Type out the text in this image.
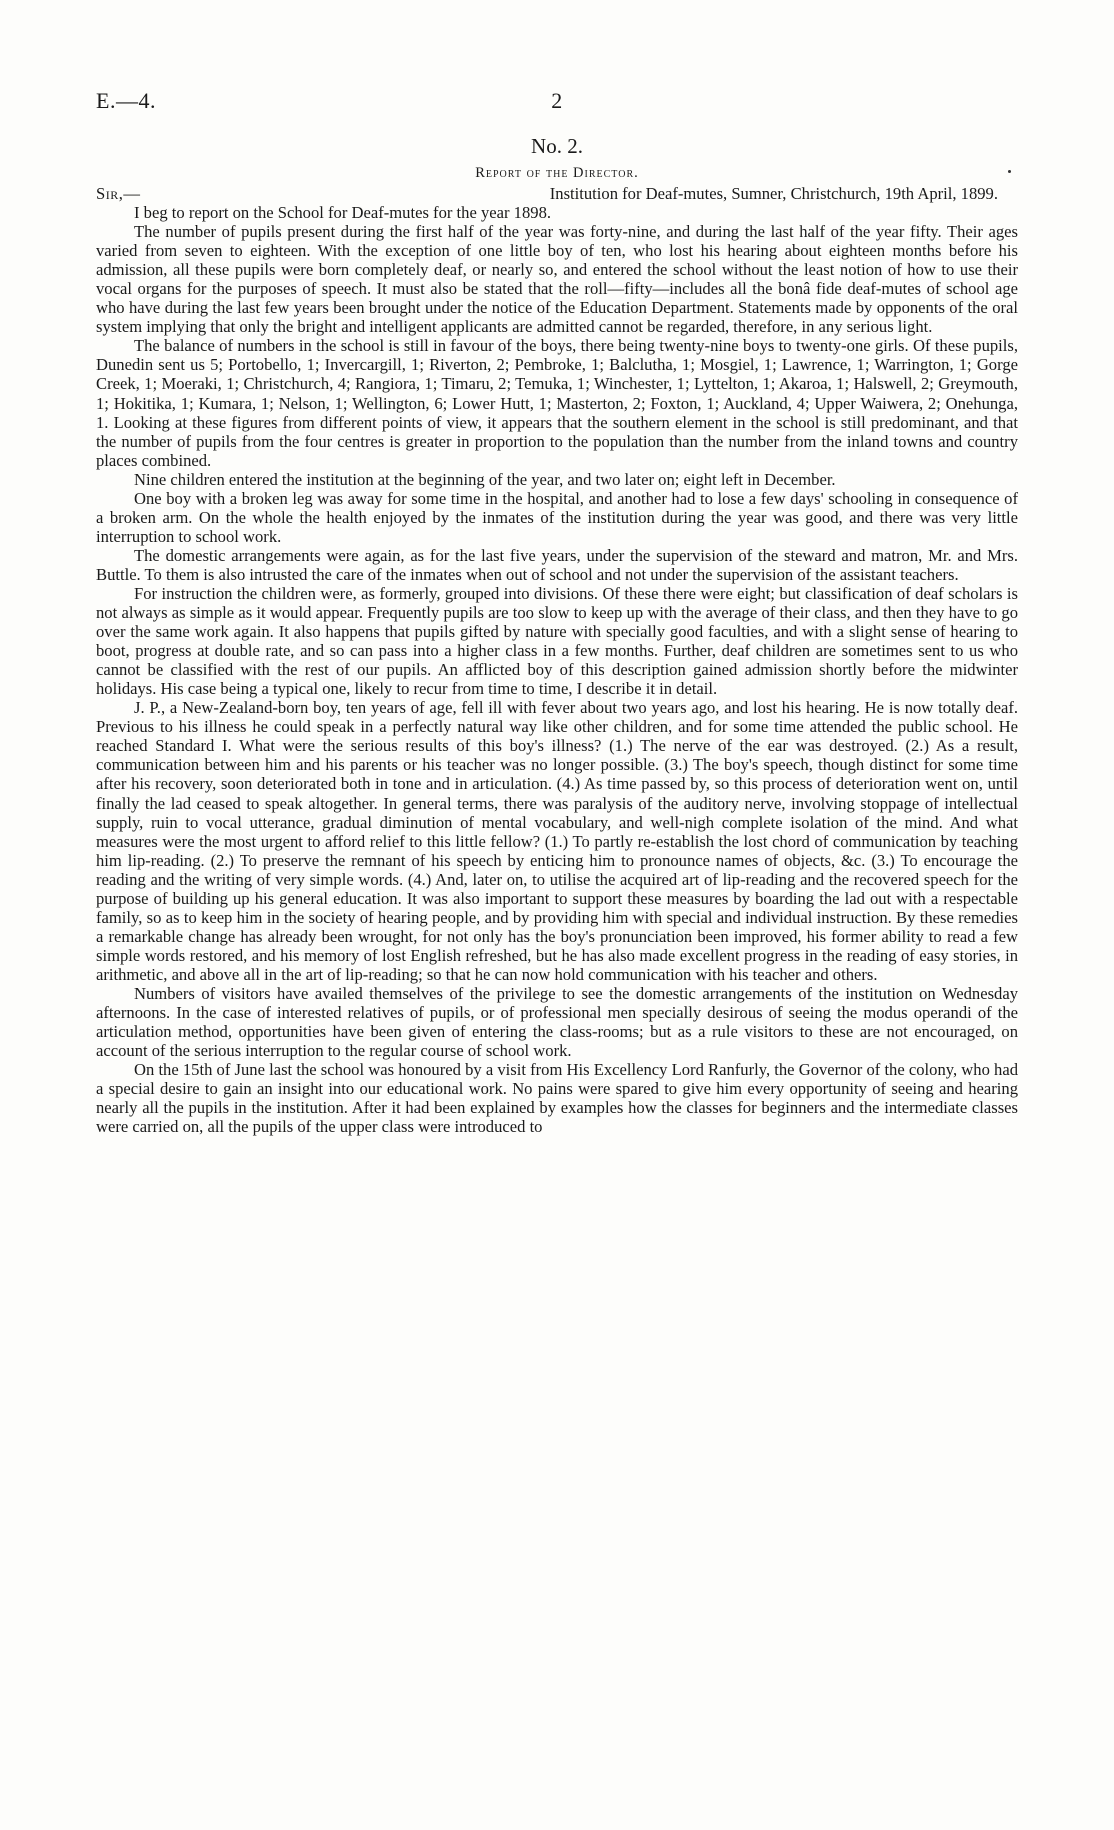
E.—4.	2
No. 2.
Report of the Director.
Sir,—	Institution for Deaf-mutes, Sumner, Christchurch, 19th April, 1899.

I beg to report on the School for Deaf-mutes for the year 1898.

The number of pupils present during the first half of the year was forty-nine, and during the last half of the year fifty. Their ages varied from seven to eighteen. With the exception of one little boy of ten, who lost his hearing about eighteen months before his admission, all these pupils were born completely deaf, or nearly so, and entered the school without the least notion of how to use their vocal organs for the purposes of speech. It must also be stated that the roll—fifty—includes all the bonâ fide deaf-mutes of school age who have during the last few years been brought under the notice of the Education Department. Statements made by opponents of the oral system implying that only the bright and intelligent applicants are admitted cannot be regarded, therefore, in any serious light.

The balance of numbers in the school is still in favour of the boys, there being twenty-nine boys to twenty-one girls. Of these pupils, Dunedin sent us 5; Portobello, 1; Invercargill, 1; Riverton, 2; Pembroke, 1; Balclutha, 1; Mosgiel, 1; Lawrence, 1; Warrington, 1; Gorge Creek, 1; Moeraki, 1; Christchurch, 4; Rangiora, 1; Timaru, 2; Temuka, 1; Winchester, 1; Lyttelton, 1; Akaroa, 1; Halswell, 2; Greymouth, 1; Hokitika, 1; Kumara, 1; Nelson, 1; Wellington, 6; Lower Hutt, 1; Masterton, 2; Foxton, 1; Auckland, 4; Upper Waiwera, 2; Onehunga, 1. Looking at these figures from different points of view, it appears that the southern element in the school is still predominant, and that the number of pupils from the four centres is greater in proportion to the population than the number from the inland towns and country places combined.

Nine children entered the institution at the beginning of the year, and two later on; eight left in December.

One boy with a broken leg was away for some time in the hospital, and another had to lose a few days' schooling in consequence of a broken arm. On the whole the health enjoyed by the inmates of the institution during the year was good, and there was very little interruption to school work.

The domestic arrangements were again, as for the last five years, under the supervision of the steward and matron, Mr. and Mrs. Buttle. To them is also intrusted the care of the inmates when out of school and not under the supervision of the assistant teachers.

For instruction the children were, as formerly, grouped into divisions. Of these there were eight; but classification of deaf scholars is not always as simple as it would appear. Frequently pupils are too slow to keep up with the average of their class, and then they have to go over the same work again. It also happens that pupils gifted by nature with specially good faculties, and with a slight sense of hearing to boot, progress at double rate, and so can pass into a higher class in a few months. Further, deaf children are sometimes sent to us who cannot be classified with the rest of our pupils. An afflicted boy of this description gained admission shortly before the midwinter holidays. His case being a typical one, likely to recur from time to time, I describe it in detail.

J. P., a New-Zealand-born boy, ten years of age, fell ill with fever about two years ago, and lost his hearing. He is now totally deaf. Previous to his illness he could speak in a perfectly natural way like other children, and for some time attended the public school. He reached Standard I. What were the serious results of this boy's illness? (1.) The nerve of the ear was destroyed. (2.) As a result, communication between him and his parents or his teacher was no longer possible. (3.) The boy's speech, though distinct for some time after his recovery, soon deteriorated both in tone and in articulation. (4.) As time passed by, so this process of deterioration went on, until finally the lad ceased to speak altogether. In general terms, there was paralysis of the auditory nerve, involving stoppage of intellectual supply, ruin to vocal utterance, gradual diminution of mental vocabulary, and well-nigh complete isolation of the mind. And what measures were the most urgent to afford relief to this little fellow? (1.) To partly re-establish the lost chord of communication by teaching him lip-reading. (2.) To preserve the remnant of his speech by enticing him to pronounce names of objects, &c. (3.) To encourage the reading and the writing of very simple words. (4.) And, later on, to utilise the acquired art of lip-reading and the recovered speech for the purpose of building up his general education. It was also important to support these measures by boarding the lad out with a respectable family, so as to keep him in the society of hearing people, and by providing him with special and individual instruction. By these remedies a remarkable change has already been wrought, for not only has the boy's pronunciation been improved, his former ability to read a few simple words restored, and his memory of lost English refreshed, but he has also made excellent progress in the reading of easy stories, in arithmetic, and above all in the art of lip-reading; so that he can now hold communication with his teacher and others.

Numbers of visitors have availed themselves of the privilege to see the domestic arrangements of the institution on Wednesday afternoons. In the case of interested relatives of pupils, or of professional men specially desirous of seeing the modus operandi of the articulation method, opportunities have been given of entering the class-rooms; but as a rule visitors to these are not encouraged, on account of the serious interruption to the regular course of school work.

On the 15th of June last the school was honoured by a visit from His Excellency Lord Ranfurly, the Governor of the colony, who had a special desire to gain an insight into our educational work. No pains were spared to give him every opportunity of seeing and hearing nearly all the pupils in the institution. After it had been explained by examples how the classes for beginners and the intermediate classes were carried on, all the pupils of the upper class were introduced to
